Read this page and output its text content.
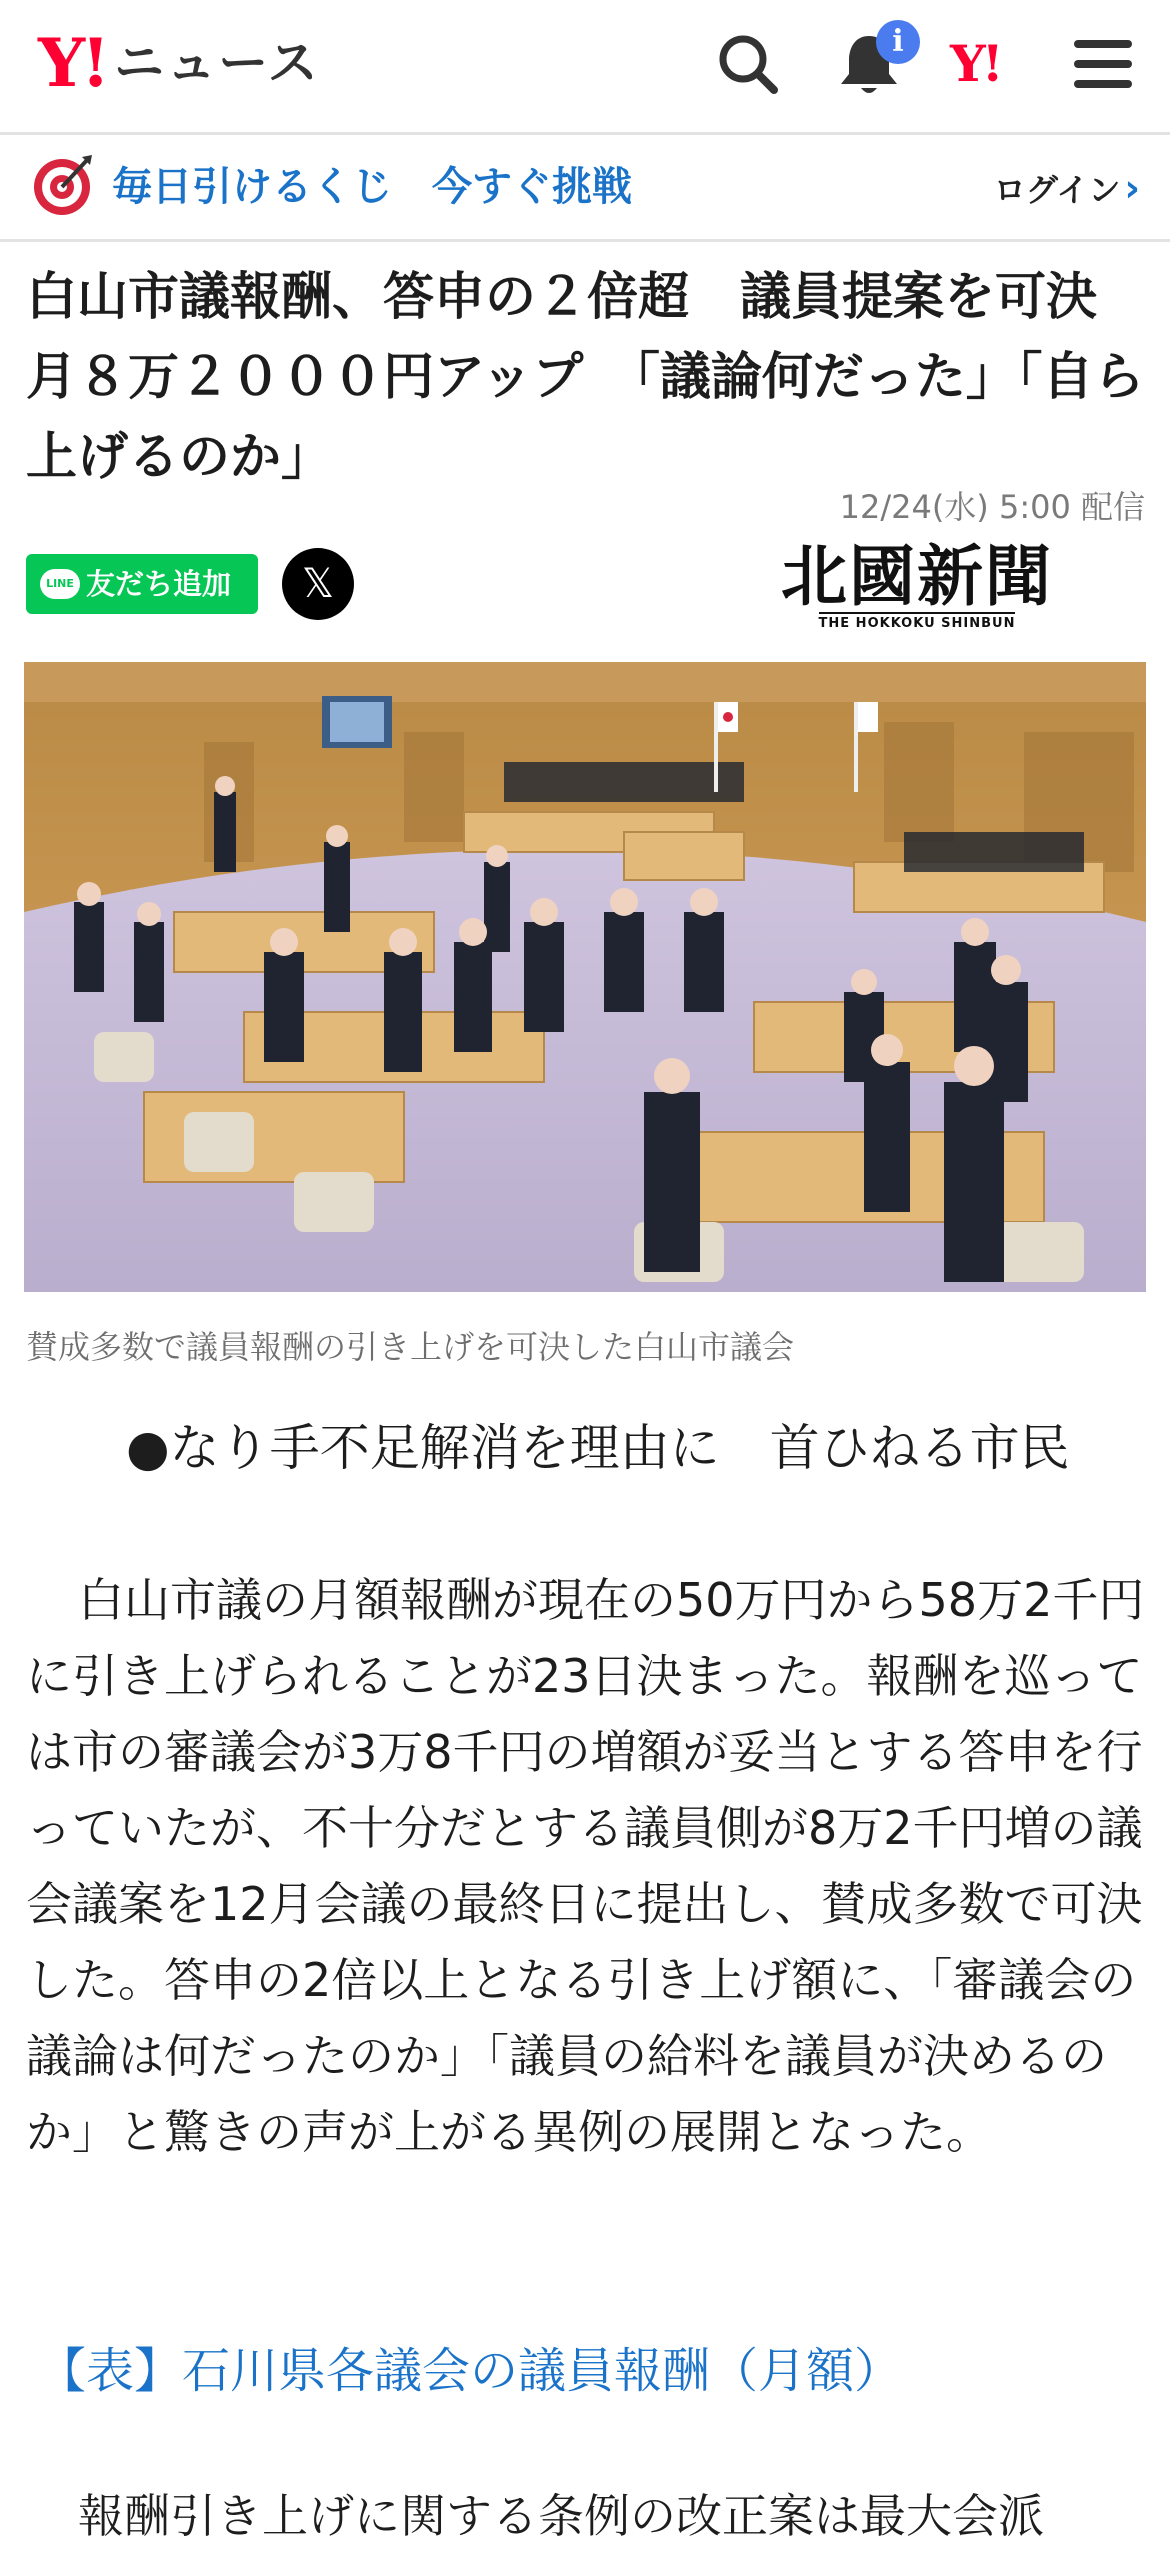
Y! ニュース	i Y!
毎日引けるくじ　今すぐ挑戦	ログイン ›
白山市議報酬、答申の２倍超　議員提案を可決　月８万２０００円アップ　「議論何だった」「自ら上げるのか」
12/24(水) 5:00 配信
LINE 友だち追加	𝕏	北國新聞
THE HOKKOKU SHINBUN
賛成多数で議員報酬の引き上げを可決した白山市議会
●なり手不足解消を理由に　首ひねる市民

白山市議の月額報酬が現在の50万円から58万2千円に引き上げられることが23日決まった。報酬を巡っては市の審議会が3万8千円の増額が妥当とする答申を行っていたが、不十分だとする議員側が8万2千円増の議会議案を12月会議の最終日に提出し、賛成多数で可決した。答申の2倍以上となる引き上げ額に、「審議会の議論は何だったのか」「議員の給料を議員が決めるのか」と驚きの声が上がる異例の展開となった。

【表】石川県各議会の議員報酬（月額）

報酬引き上げに関する条例の改正案は最大会派
